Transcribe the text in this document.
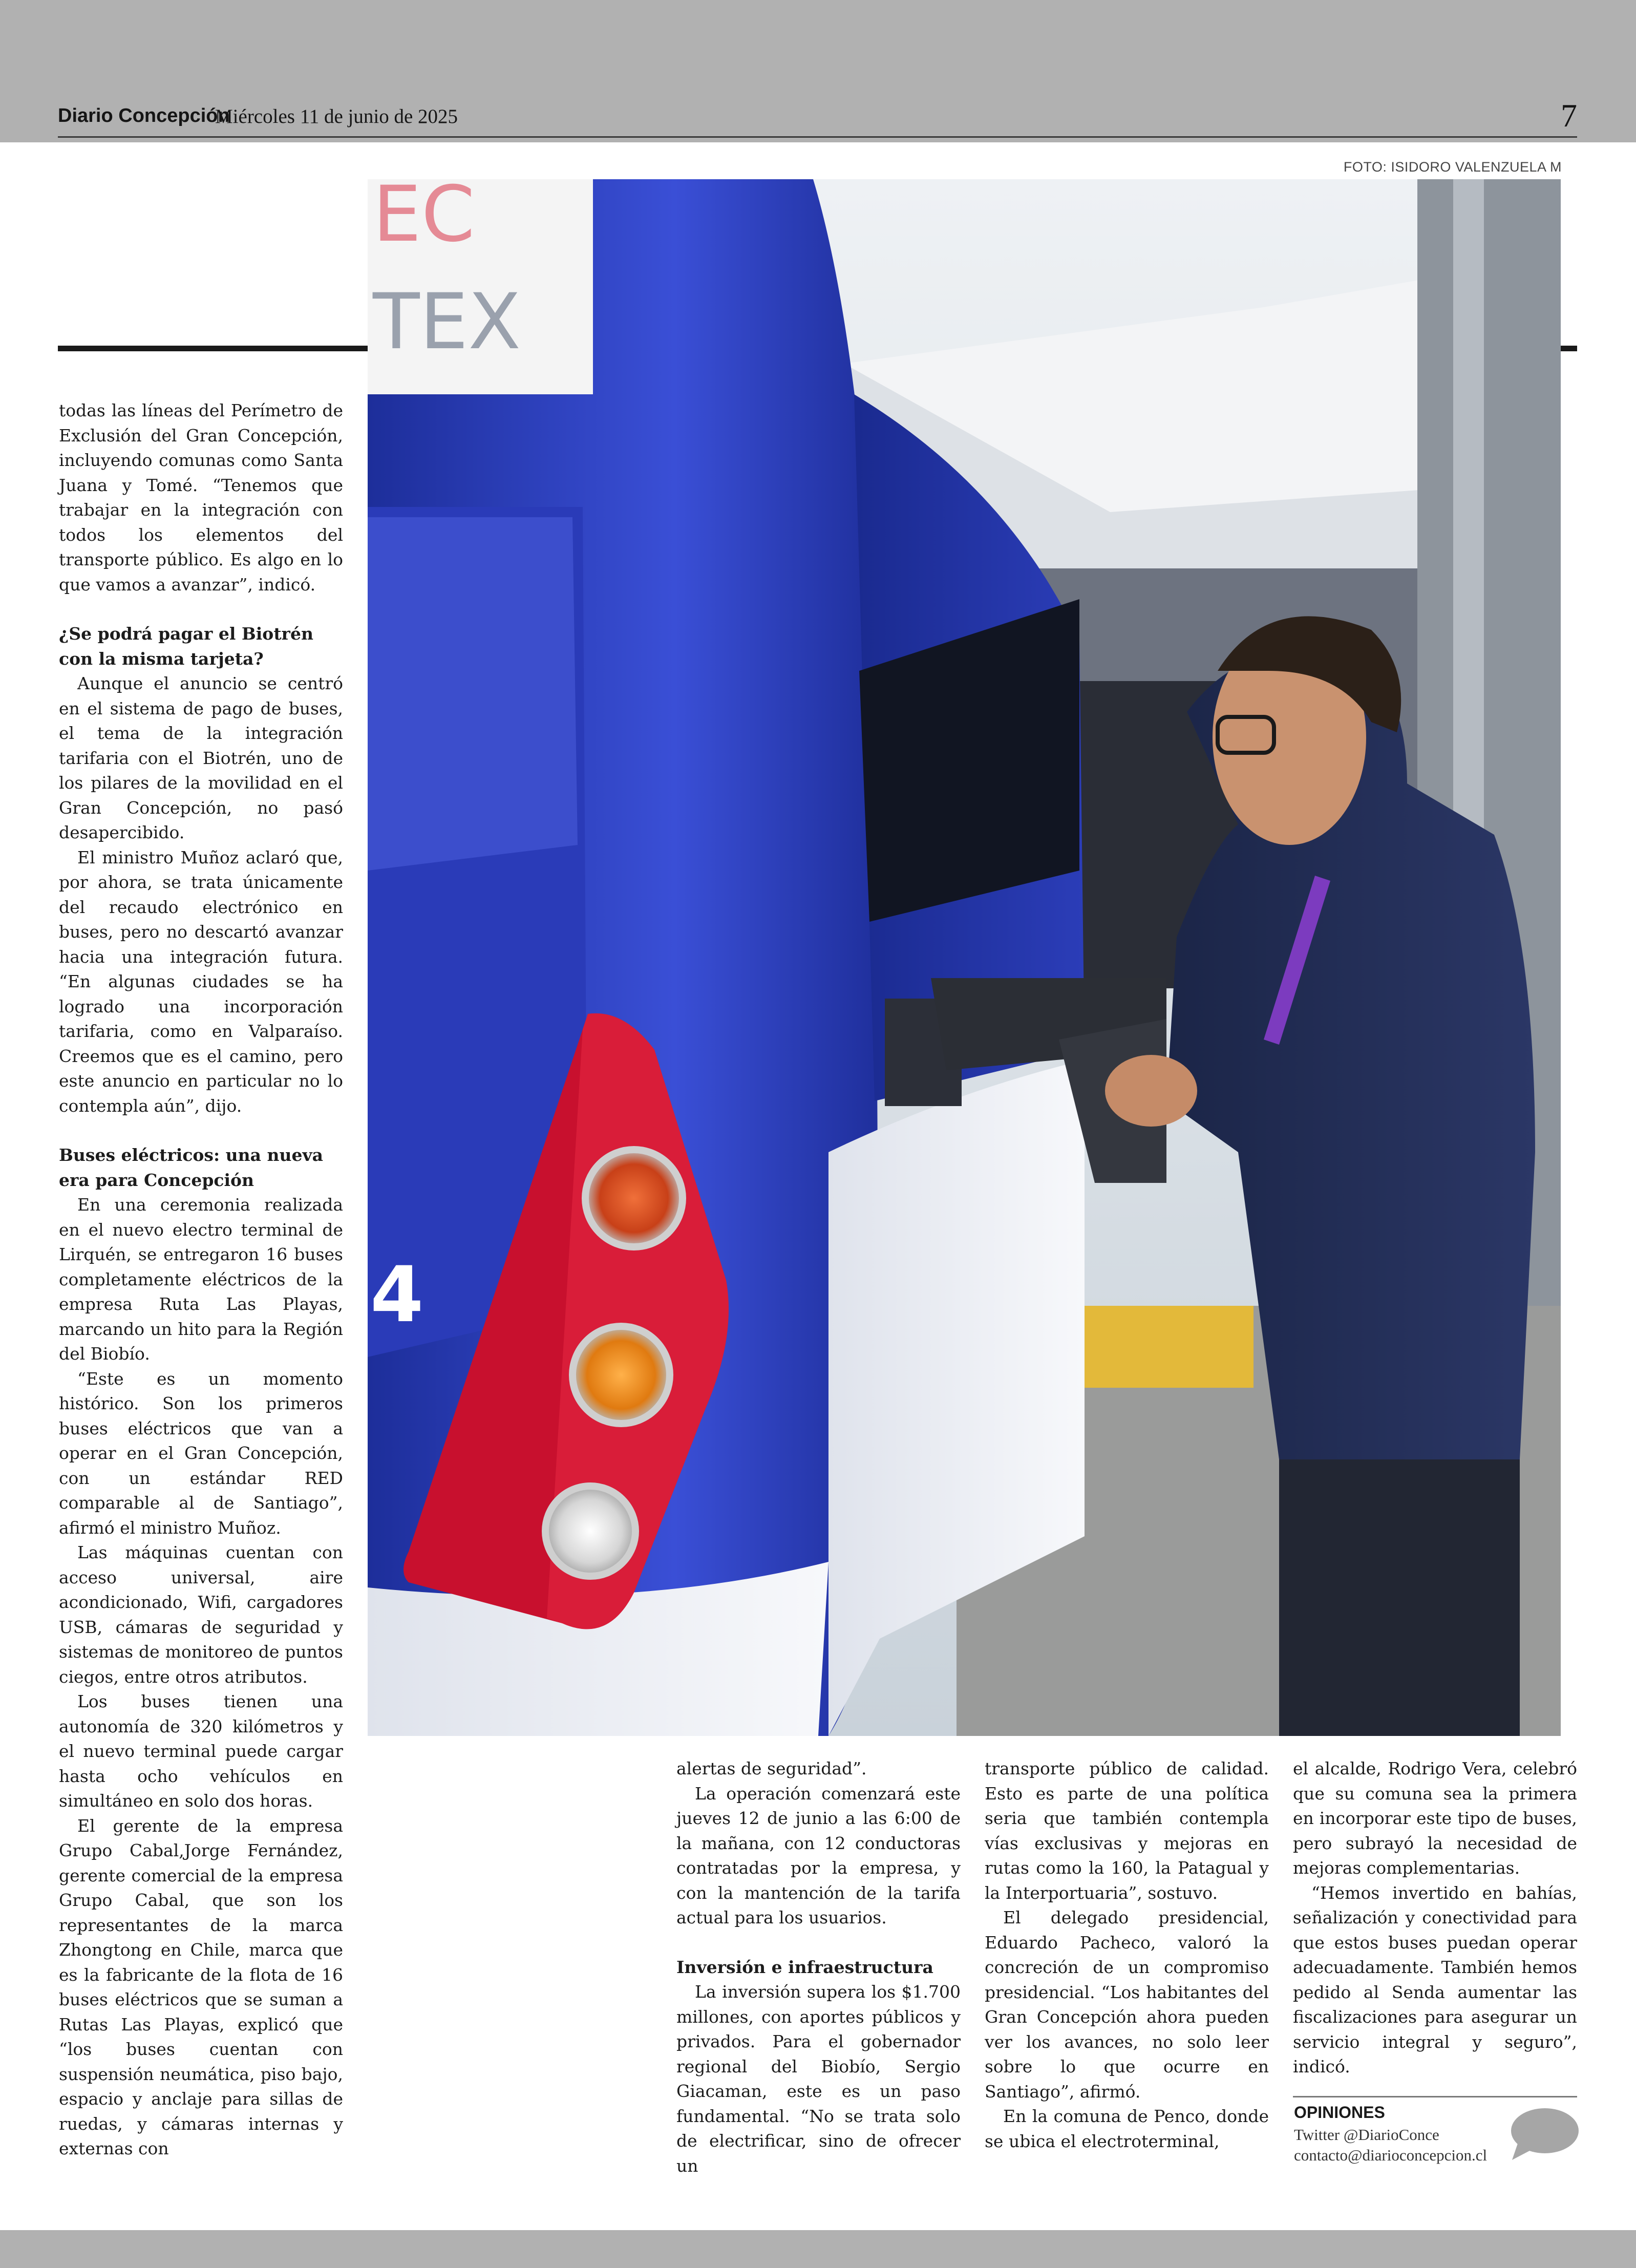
Diario Concepción
Miércoles 11 de junio de 2025	7
FOTO: ISIDORO VALENZUELA M
EC
TEX
4

todas las líneas del Perímetro de Exclusión del Gran Concepción, incluyendo comunas como Santa Juana y Tomé. “Tenemos que trabajar en la integración con todos los elementos del transporte público. Es algo en lo que vamos a avanzar”, indicó.

¿Se podrá pagar el Biotrén con la misma tarjeta?

Aunque el anuncio se centró en el sistema de pago de buses, el tema de la integración tarifaria con el Biotrén, uno de los pilares de la movilidad en el Gran Concepción, no pasó desapercibido.

El ministro Muñoz aclaró que, por ahora, se trata únicamente del recaudo electrónico en buses, pero no descartó avanzar hacia una integración futura. “En algunas ciudades se ha logrado una incorporación tarifaria, como en Valparaíso. Creemos que es el camino, pero este anuncio en particular no lo contempla aún”, dijo.

Buses eléctricos: una nueva era para Concepción

En una ceremonia realizada en el nuevo electro terminal de Lirquén, se entregaron 16 buses completamente eléctricos de la empresa Ruta Las Playas, marcando un hito para la Región del Biobío.

“Este es un momento histórico. Son los primeros buses eléctricos que van a operar en el Gran Concepción, con un estándar RED comparable al de Santiago”, afirmó el ministro Muñoz.

Las máquinas cuentan con acceso universal, aire acondicionado, Wifi, cargadores USB, cámaras de seguridad y sistemas de monitoreo de puntos ciegos, entre otros atributos.

Los buses tienen una autonomía de 320 kilómetros y el nuevo terminal puede cargar hasta ocho vehículos en simultáneo en solo dos horas.

El gerente de la empresa Grupo Cabal,Jorge Fernández, gerente comercial de la empresa Grupo Cabal, que son los representantes de la marca Zhongtong en Chile, marca que es la fabricante de la flota de 16 buses eléctricos que se suman a Rutas Las Playas, explicó que “los buses cuentan con suspensión neumática, piso bajo, espacio y anclaje para sillas de ruedas, y cámaras internas y externas con

alertas de seguridad”.

La operación comenzará este jueves 12 de junio a las 6:00 de la mañana, con 12 conductoras contratadas por la empresa, y con la mantención de la tarifa actual para los usuarios.

Inversión e infraestructura

La inversión supera los $1.700 millones, con aportes públicos y privados. Para el gobernador regional del Biobío, Sergio Giacaman, este es un paso fundamental. “No se trata solo de electrificar, sino de ofrecer un

transporte público de calidad. Esto es parte de una política seria que también contempla vías exclusivas y mejoras en rutas como la 160, la Patagual y la Interportuaria”, sostuvo.

El delegado presidencial, Eduardo Pacheco, valoró la concreción de un compromiso presidencial. “Los habitantes del Gran Concepción ahora pueden ver los avances, no solo leer sobre lo que ocurre en Santiago”, afirmó.

En la comuna de Penco, donde se ubica el electroterminal,

el alcalde, Rodrigo Vera, celebró que su comuna sea la primera en incorporar este tipo de buses, pero subrayó la necesidad de mejoras complementarias.

“Hemos invertido en bahías, señalización y conectividad para que estos buses puedan operar adecuadamente. También hemos pedido al Senda aumentar las fiscalizaciones para asegurar un servicio integral y seguro”, indicó.

OPINIONES
Twitter @DiarioConce
contacto@diarioconcepcion.cl
